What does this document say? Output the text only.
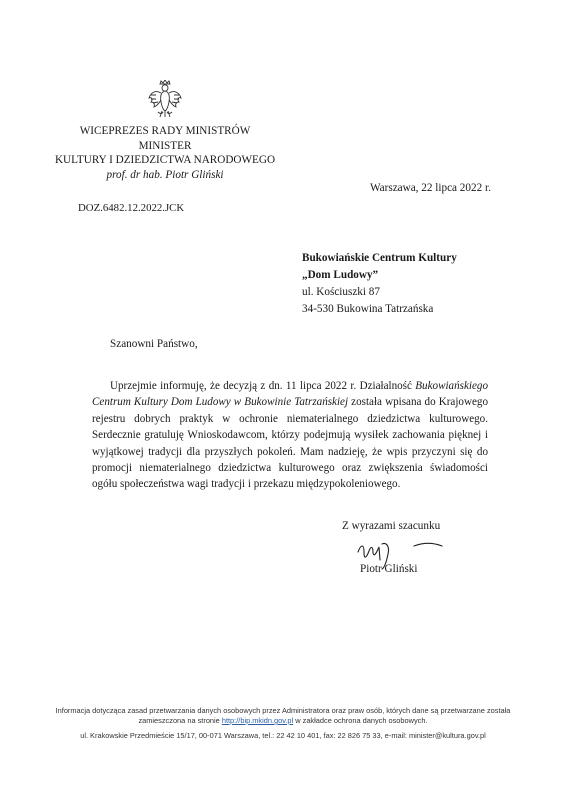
WICEPREZES RADY MINISTRÓW
MINISTER
KULTURY I DZIEDZICTWA NARODOWEGO
prof. dr hab. Piotr Gliński
Warszawa, 22 lipca 2022 r.
DOZ.6482.12.2022.JCK
Bukowiańskie Centrum Kultury
„Dom Ludowy”
ul. Kościuszki 87
34-530 Bukowina Tatrzańska
Szanowni Państwo,

Uprzejmie informuję, że decyzją z dn. 11 lipca 2022 r. Działalność Bukowiańskiego Centrum Kultury Dom Ludowy w Bukowinie Tatrzańskiej została wpisana do Krajowego rejestru dobrych praktyk w ochronie niematerialnego dziedzictwa kulturowego. Serdecznie gratuluję Wnioskodawcom, którzy podejmują wysiłek zachowania pięknej i wyjątkowej tradycji dla przyszłych pokoleń. Mam nadzieję, że wpis przyczyni się do promocji niematerialnego dziedzictwa kulturowego oraz zwiększenia świadomości ogółu społeczeństwa wagi tradycji i przekazu międzypokoleniowego.

Z wyrazami szacunku
Piotr Gliński
Informacja dotycząca zasad przetwarzania danych osobowych przez Administratora oraz praw osób, których dane są przetwarzane została zamieszczona na stronie http://bip.mkidn.gov.pl w zakładce ochrona danych osobowych.
ul. Krakowskie Przedmieście 15/17, 00-071 Warszawa, tel.: 22 42 10 401, fax: 22 826 75 33, e-mail: minister@kultura.gov.pl
